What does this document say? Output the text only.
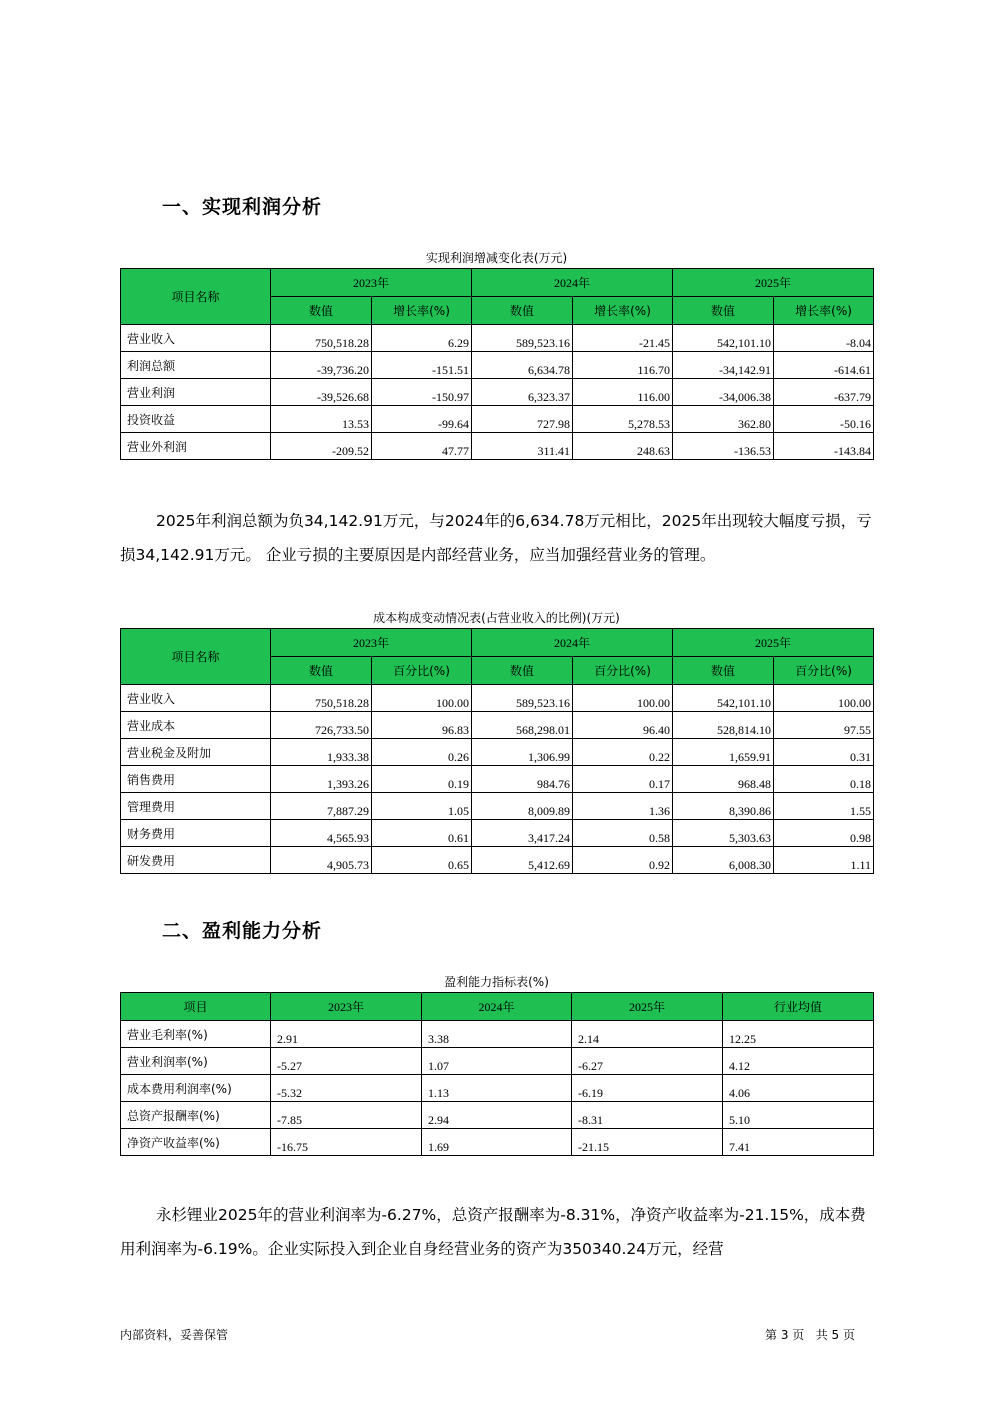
一、实现利润分析
实现利润增减变化表(万元)
项目名称	2023年		2024年		2025年	
	数值	增长率(%)	数值	增长率(%)	数值	增长率(%)
营业收入	750,518.28	6.29	589,523.16	-21.45	542,101.10	-8.04
利润总额	-39,736.20	-151.51	6,634.78	116.70	-34,142.91	-614.61
营业利润	-39,526.68	-150.97	6,323.37	116.00	-34,006.38	-637.79
投资收益	13.53	-99.64	727.98	5,278.53	362.80	-50.16
营业外利润	-209.52	47.77	311.41	248.63	-136.53	-143.84
2025年利润总额为负34,142.91万元，与2024年的6,634.78万元相比，2025年出现较大幅度亏损，亏损34,142.91万元。 企业亏损的主要原因是内部经营业务，应当加强经营业务的管理。
成本构成变动情况表(占营业收入的比例)(万元)
项目名称	2023年		2024年		2025年	
	数值	百分比(%)	数值	百分比(%)	数值	百分比(%)
营业收入	750,518.28	100.00	589,523.16	100.00	542,101.10	100.00
营业成本	726,733.50	96.83	568,298.01	96.40	528,814.10	97.55
营业税金及附加	1,933.38	0.26	1,306.99	0.22	1,659.91	0.31
销售费用	1,393.26	0.19	984.76	0.17	968.48	0.18
管理费用	7,887.29	1.05	8,009.89	1.36	8,390.86	1.55
财务费用	4,565.93	0.61	3,417.24	0.58	5,303.63	0.98
研发费用	4,905.73	0.65	5,412.69	0.92	6,008.30	1.11
二、盈利能力分析
盈利能力指标表(%)
项目	2023年	2024年	2025年	行业均值
营业毛利率(%)	2.91	3.38	2.14	12.25
营业利润率(%)	-5.27	1.07	-6.27	4.12
成本费用利润率(%)	-5.32	1.13	-6.19	4.06
总资产报酬率(%)	-7.85	2.94	-8.31	5.10
净资产收益率(%)	-16.75	1.69	-21.15	7.41
永杉锂业2025年的营业利润率为-6.27%，总资产报酬率为-8.31%，净资产收益率为-21.15%，成本费用利润率为-6.19%。企业实际投入到企业自身经营业务的资产为350340.24万元，经营
内部资料，妥善保管	第 3 页   共 5 页
